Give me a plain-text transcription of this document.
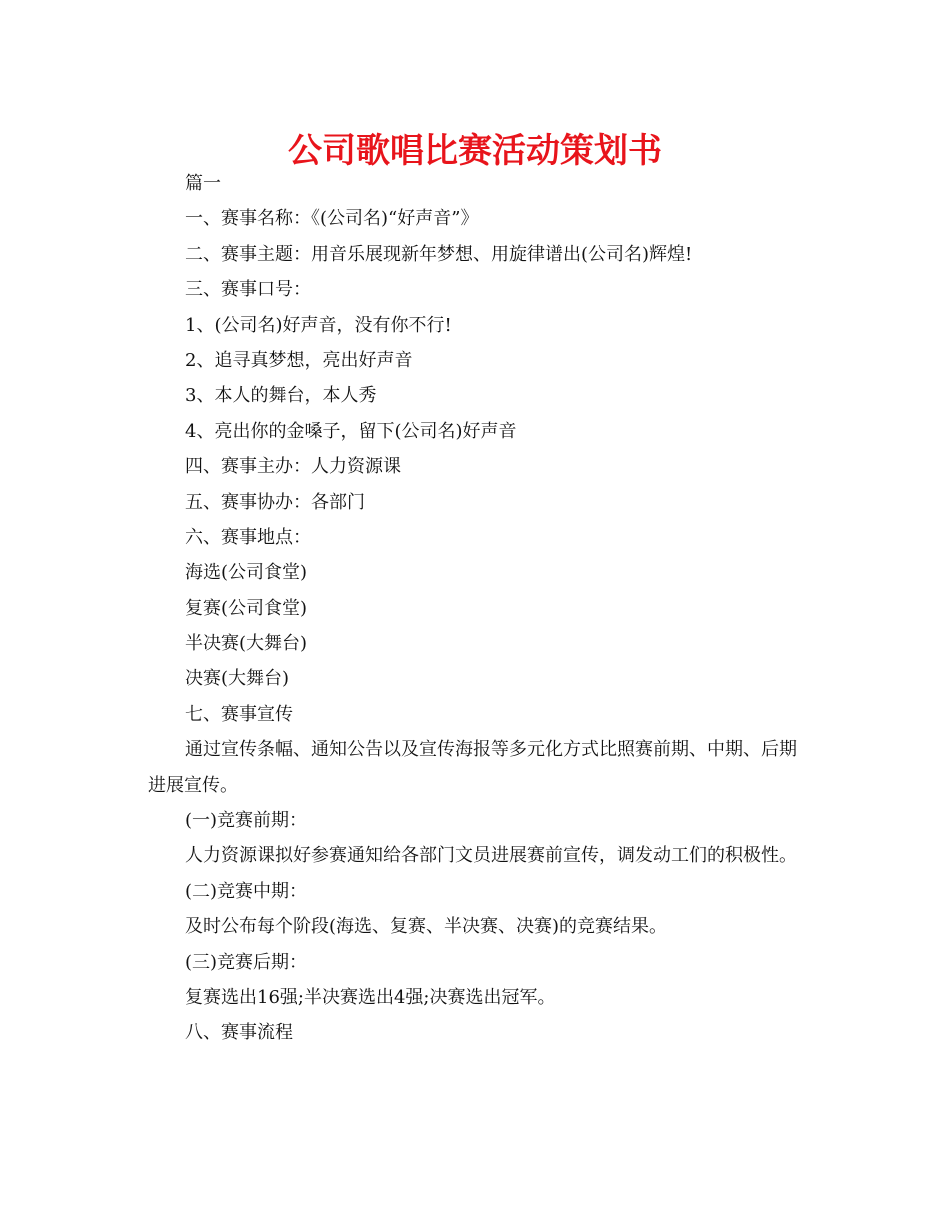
公司歌唱比赛活动策划书

篇一

一、赛事名称：《(公司名)“好声音”》

二、赛事主题：用音乐展现新年梦想、用旋律谱出(公司名)辉煌!

三、赛事口号：

1、(公司名)好声音，没有你不行!

2、追寻真梦想，亮出好声音

3、本人的舞台，本人秀

4、亮出你的金嗓子，留下(公司名)好声音

四、赛事主办：人力资源课

五、赛事协办：各部门

六、赛事地点：

海选(公司食堂)

复赛(公司食堂)

半决赛(大舞台)

决赛(大舞台)

七、赛事宣传

通过宣传条幅、通知公告以及宣传海报等多元化方式比照赛前期、中期、后期进展宣传。

(一)竞赛前期：

人力资源课拟好参赛通知给各部门文员进展赛前宣传，调发动工们的积极性。

(二)竞赛中期：

及时公布每个阶段(海选、复赛、半决赛、决赛)的竞赛结果。

(三)竞赛后期：

复赛选出16强;半决赛选出4强;决赛选出冠军。

八、赛事流程
